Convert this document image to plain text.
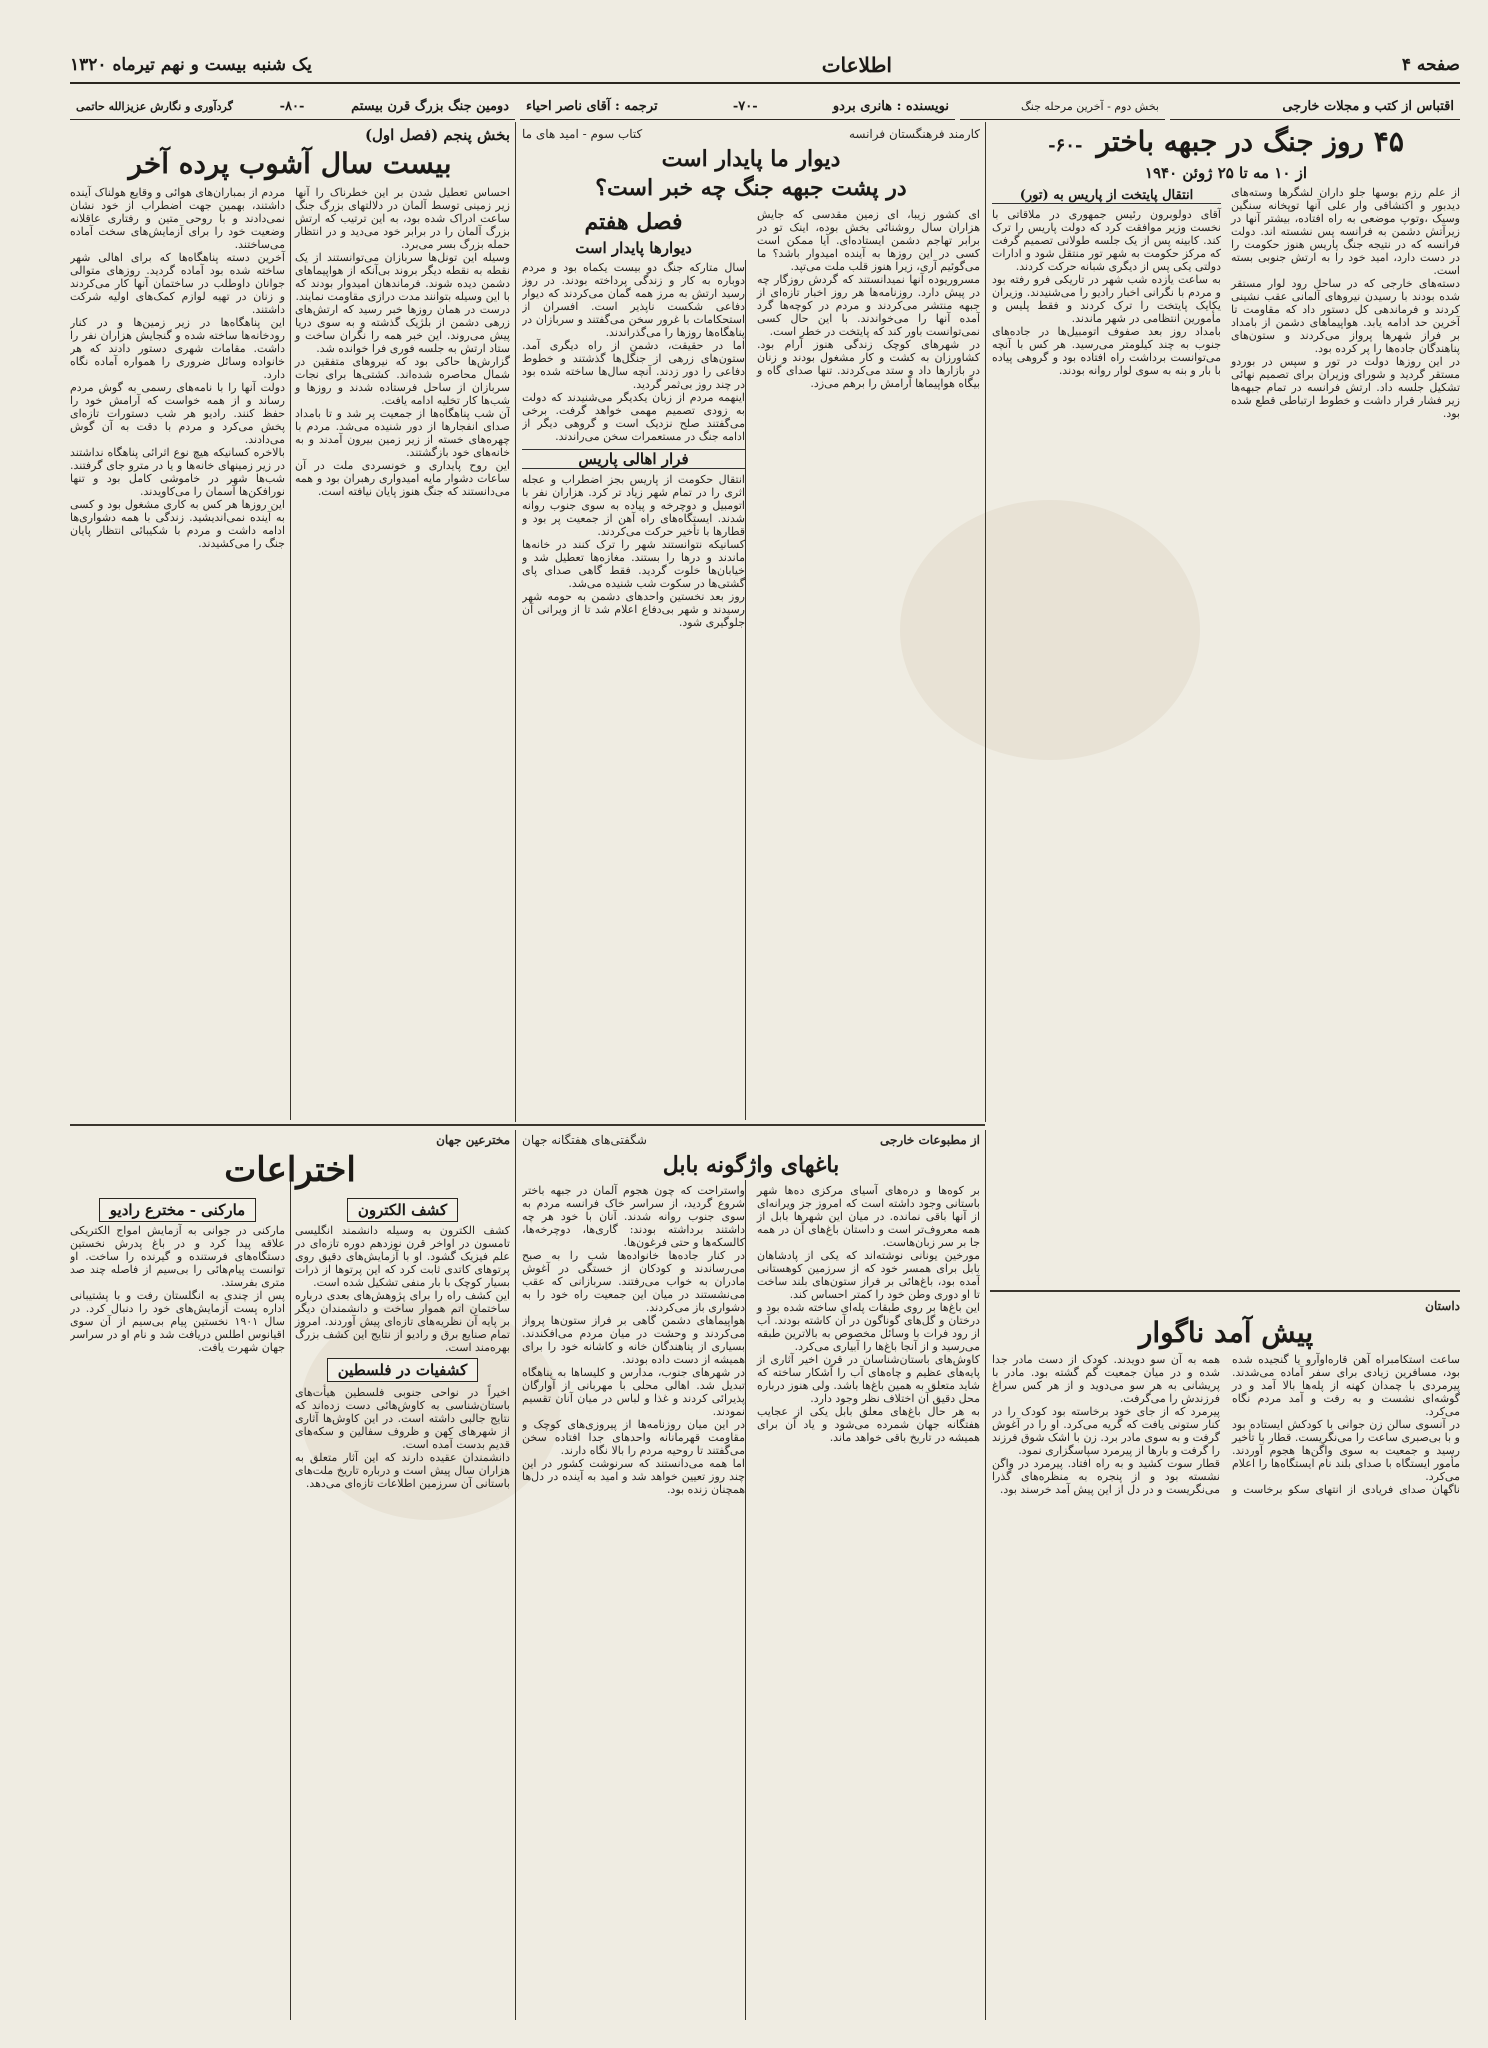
صفحه ۴
اطلاعات
یک شنبه بیست و نهم تیرماه ۱۳۲۰
اقتباس از کتب و مجلات خارجی
بخش دوم - آخرین مرحله جنگ
نویسنده : هانری بردو
-۷۰-
ترجمه : آقای ناصر احیاء
دومین جنگ بزرگ قرن بیستم
-۸۰-
گردآوری و نگارش عزیزالله حاتمی
۴۵ روز جنگ در جبهه باختر
-۶۰-
از ۱۰ مه تا ۲۵ ژوئن ۱۹۴۰
از علم رزم بوسها جلو داران لشگرها وسته‌های دیدبور و اکتشافی وار علی آنها توپخانه سنگین وسیک ،وتوپ موضعی به راه افتاده، بیشتر آنها در زیرآتش دشمن به فرانسه پس نشسته اند. دولت فرانسه که در نتیجه جنگ پاریس هنوز حکومت را در دست دارد، امید خود را به ارتش جنوبی بسته است.
دسته‌های خارجی که در ساحل رود لوار مستقر شده بودند با رسیدن نیروهای آلمانی عقب نشینی کردند و فرماندهی کل دستور داد که مقاومت تا آخرین حد ادامه یابد. هواپیماهای دشمن از بامداد بر فراز شهرها پرواز می‌کردند و ستون‌های پناهندگان جاده‌ها را پر کرده بود.
در این روزها دولت در تور و سپس در بوردو مستقر گردید و شورای وزیران برای تصمیم نهائی تشکیل جلسه داد. ارتش فرانسه در تمام جبهه‌ها زیر فشار قرار داشت و خطوط ارتباطی قطع شده بود.
انتقال پایتخت از پاریس به (تور)
آقای دولوبرون رئیس جمهوری در ملاقاتی با نخست وزیر موافقت کرد که دولت پاریس را ترک کند. کابینه پس از یک جلسه طولانی تصمیم گرفت که مرکز حکومت به شهر تور منتقل شود و ادارات دولتی یکی پس از دیگری شبانه حرکت کردند.
به ساعت یازده شب شهر در تاریکی فرو رفته بود و مردم با نگرانی اخبار رادیو را می‌شنیدند. وزیران یکایک پایتخت را ترک کردند و فقط پلیس و مأمورین انتظامی در شهر ماندند.
بامداد روز بعد صفوف اتومبیل‌ها در جاده‌های جنوب به چند کیلومتر می‌رسید. هر کس با آنچه می‌توانست برداشت راه افتاده بود و گروهی پیاده با بار و بنه به سوی لوار روانه بودند.
داستان
پیش آمد ناگوار
ساعت استکامبراه آهن قاره‌اوآرو یا گنجیده شده بود، مسافرین زیادی برای سفر آماده می‌شدند. پیرمردی با چمدان کهنه از پله‌ها بالا آمد و در گوشه‌ای نشست و به رفت و آمد مردم نگاه می‌کرد.
در آنسوی سالن زن جوانی با کودکش ایستاده بود و با بی‌صبری ساعت را می‌نگریست. قطار با تأخیر رسید و جمعیت به سوی واگن‌ها هجوم آوردند. مأمور ایستگاه با صدای بلند نام ایستگاه‌ها را اعلام می‌کرد.
ناگهان صدای فریادی از انتهای سکو برخاست و همه به آن سو دویدند. کودک از دست مادر جدا شده و در میان جمعیت گم گشته بود. مادر با پریشانی به هر سو می‌دوید و از هر کس سراغ فرزندش را می‌گرفت.
پیرمرد که از جای خود برخاسته بود کودک را در کنار ستونی یافت که گریه می‌کرد. او را در آغوش گرفت و به سوی مادر برد. زن با اشک شوق فرزند را گرفت و بارها از پیرمرد سپاسگزاری نمود.
قطار سوت کشید و به راه افتاد. پیرمرد در واگن نشسته بود و از پنجره به منظره‌های گذرا می‌نگریست و در دل از این پیش آمد خرسند بود.
کارمند فرهنگستان فرانسه
کتاب سوم - امید های ما
دیوار ما پایدار است
در پشت جبهه جنگ چه خبر است؟
ای کشور زیبا، ای زمین مقدسی که جایش هزاران سال روشنائی بخش بوده، اینک تو در برابر تهاجم دشمن ایستاده‌ای. آیا ممکن است کسی در این روزها به آینده امیدوار باشد؟ ما می‌گوئیم آری، زیرا هنوز قلب ملت می‌تپد.
مسروریوده آنها نمیدانستند که گردش روزگار چه در پیش دارد. روزنامه‌ها هر روز اخبار تازه‌ای از جبهه منتشر می‌کردند و مردم در کوچه‌ها گرد آمده آنها را می‌خواندند. با این حال کسی نمی‌توانست باور کند که پایتخت در خطر است.
در شهرهای کوچک زندگی هنوز آرام بود. کشاورزان به کشت و کار مشغول بودند و زنان در بازارها داد و ستد می‌کردند. تنها صدای گاه و بیگاه هواپیماها آرامش را برهم می‌زد.
فصل هفتم
دیوارها پایدار است
سال متارکه جنگ دو بیست یکماه بود و مردم دوباره به کار و زندگی پرداخته بودند. در روز رسید ارتش به مرز همه گمان می‌کردند که دیوار دفاعی شکست ناپذیر است. افسران از استحکامات با غرور سخن می‌گفتند و سربازان در پناهگاه‌ها روزها را می‌گذراندند.
اما در حقیقت، دشمن از راه دیگری آمد. ستون‌های زرهی از جنگل‌ها گذشتند و خطوط دفاعی را دور زدند. آنچه سال‌ها ساخته شده بود در چند روز بی‌ثمر گردید.
اینهمه مردم از زبان یکدیگر می‌شنیدند که دولت به زودی تصمیم مهمی خواهد گرفت. برخی می‌گفتند صلح نزدیک است و گروهی دیگر از ادامه جنگ در مستعمرات سخن می‌راندند.
فرار اهالی پاریس
انتقال حکومت از پاریس بجز اضطراب و عجله اثری را در تمام شهر زیاد تر کرد. هزاران نفر با اتومبیل و دوچرخه و پیاده به سوی جنوب روانه شدند. ایستگاه‌های راه آهن از جمعیت پر بود و قطارها با تأخیر حرکت می‌کردند.
کسانیکه نتوانستند شهر را ترک کنند در خانه‌ها ماندند و درها را بستند. مغازه‌ها تعطیل شد و خیابان‌ها خلوت گردید. فقط گاهی صدای پای گشتی‌ها در سکوت شب شنیده می‌شد.
روز بعد نخستین واحدهای دشمن به حومه شهر رسیدند و شهر بی‌دفاع اعلام شد تا از ویرانی آن جلوگیری شود.
بخش پنجم (فصل اول)
بیست سال آشوب پرده آخر
احساس تعطیل شدن بر این خطرناک را آنها زیر زمینی توسط آلمان در دلالتهای بزرگ جنگ ساعت ادراک شده بود، به این ترتیب که ارتش بزرگ آلمان را در برابر خود می‌دید و در انتظار حمله بزرگ بسر می‌برد.
وسیله این تونل‌ها سربازان می‌توانستند از یک نقطه به نقطه دیگر بروند بی‌آنکه از هواپیماهای دشمن دیده شوند. فرماندهان امیدوار بودند که با این وسیله بتوانند مدت درازی مقاومت نمایند.
درست در همان روزها خبر رسید که ارتش‌های زرهی دشمن از بلژیک گذشته و به سوی دریا پیش می‌روند. این خبر همه را نگران ساخت و ستاد ارتش به جلسه فوری فرا خوانده شد.
گزارش‌ها حاکی بود که نیروهای متفقین در شمال محاصره شده‌اند. کشتی‌ها برای نجات سربازان از ساحل فرستاده شدند و روزها و شب‌ها کار تخلیه ادامه یافت.
آن شب پناهگاه‌ها از جمعیت پر شد و تا بامداد صدای انفجارها از دور شنیده می‌شد. مردم با چهره‌های خسته از زیر زمین بیرون آمدند و به خانه‌های خود بازگشتند.
این روح پایداری و خونسردی ملت در آن ساعات دشوار مایه امیدواری رهبران بود و همه می‌دانستند که جنگ هنوز پایان نیافته است.
مردم از بمباران‌های هوائی و وقایع هولناک آینده داشتند، بهمین جهت اضطراب از خود نشان نمی‌دادند و با روحی متین و رفتاری عاقلانه وضعیت خود را برای آزمایش‌های سخت آماده می‌ساختند.
آخرین دسته پناهگاه‌ها که برای اهالی شهر ساخته شده بود آماده گردید. روزهای متوالی جوانان داوطلب در ساختمان آنها کار می‌کردند و زنان در تهیه لوازم کمک‌های اولیه شرکت داشتند.
این پناهگاه‌ها در زیر زمین‌ها و در کنار رودخانه‌ها ساخته شده و گنجایش هزاران نفر را داشت. مقامات شهری دستور دادند که هر خانواده وسائل ضروری را همواره آماده نگاه دارد.
دولت آنها را با نامه‌های رسمی به گوش مردم رساند و از همه خواست که آرامش خود را حفظ کنند. رادیو هر شب دستورات تازه‌ای پخش می‌کرد و مردم با دقت به آن گوش می‌دادند.
بالاخره کسانیکه هیچ نوع اثرائی پناهگاه نداشتند در زیر زمینهای خانه‌ها و یا در مترو جای گرفتند. شب‌ها شهر در خاموشی کامل بود و تنها نورافکن‌ها آسمان را می‌کاویدند.
این روزها هر کس به کاری مشغول بود و کسی به آینده نمی‌اندیشید. زندگی با همه دشواری‌ها ادامه داشت و مردم با شکیبائی انتظار پایان جنگ را می‌کشیدند.
از مطبوعات خارجی
شگفتی‌های هفتگانه جهان
باغهای واژگونه بابل
بر کوه‌ها و دره‌های آسیای مرکزی ده‌ها شهر باستانی وجود داشته است که امروز جز ویرانه‌ای از آنها باقی نمانده. در میان این شهرها بابل از همه معروف‌تر است و داستان باغ‌های آن در همه جا بر سر زبان‌هاست.
مورخین یونانی نوشته‌اند که یکی از پادشاهان بابل برای همسر خود که از سرزمین کوهستانی آمده بود، باغ‌هائی بر فراز ستون‌های بلند ساخت تا او دوری وطن خود را کمتر احساس کند.
این باغ‌ها بر روی طبقات پله‌ای ساخته شده بود و درختان و گل‌های گوناگون در آن کاشته بودند. آب از رود فرات با وسائل مخصوص به بالاترین طبقه می‌رسید و از آنجا باغ‌ها را آبیاری می‌کرد.
کاوش‌های باستان‌شناسان در قرن اخیر آثاری از پایه‌های عظیم و چاه‌های آب را آشکار ساخته که شاید متعلق به همین باغ‌ها باشد. ولی هنوز درباره محل دقیق آن اختلاف نظر وجود دارد.
به هر حال باغ‌های معلق بابل یکی از عجایب هفتگانه جهان شمرده می‌شود و یاد آن برای همیشه در تاریخ باقی خواهد ماند.
واستراحت که چون هجوم آلمان در جبهه باختر شروع گردید، از سراسر خاک فرانسه مردم به سوی جنوب روانه شدند. آنان با خود هر چه داشتند برداشته بودند: گاری‌ها، دوچرخه‌ها، کالسکه‌ها و حتی فرغون‌ها.
در کنار جاده‌ها خانواده‌ها شب را به صبح می‌رساندند و کودکان از خستگی در آغوش مادران به خواب می‌رفتند. سربازانی که عقب می‌نشستند در میان این جمعیت راه خود را به دشواری باز می‌کردند.
هواپیماهای دشمن گاهی بر فراز ستون‌ها پرواز می‌کردند و وحشت در میان مردم می‌افکندند. بسیاری از پناهندگان خانه و کاشانه خود را برای همیشه از دست داده بودند.
در شهرهای جنوب، مدارس و کلیساها به پناهگاه تبدیل شد. اهالی محلی با مهربانی از آوارگان پذیرائی کردند و غذا و لباس در میان آنان تقسیم نمودند.
در این میان روزنامه‌ها از پیروزی‌های کوچک و مقاومت قهرمانانه واحدهای جدا افتاده سخن می‌گفتند تا روحیه مردم را بالا نگاه دارند.
اما همه می‌دانستند که سرنوشت کشور در این چند روز تعیین خواهد شد و امید به آینده در دل‌ها همچنان زنده بود.
مخترعین جهان
اختراعات
کشف الکترون
کشف الکترون به وسیله دانشمند انگلیسی تامسون در اواخر قرن نوزدهم دوره تازه‌ای در علم فیزیک گشود. او با آزمایش‌های دقیق روی پرتوهای کاتدی ثابت کرد که این پرتوها از ذرات بسیار کوچک با بار منفی تشکیل شده است.
این کشف راه را برای پژوهش‌های بعدی درباره ساختمان اتم هموار ساخت و دانشمندان دیگر بر پایه آن نظریه‌های تازه‌ای پیش آوردند. امروز تمام صنایع برق و رادیو از نتایج این کشف بزرگ بهره‌مند است.
کشفیات در فلسطین
اخیراً در نواحی جنوبی فلسطین هیأت‌های باستان‌شناسی به کاوش‌هائی دست زده‌اند که نتایج جالبی داشته است. در این کاوش‌ها آثاری از شهرهای کهن و ظروف سفالین و سکه‌های قدیم بدست آمده است.
دانشمندان عقیده دارند که این آثار متعلق به هزاران سال پیش است و درباره تاریخ ملت‌های باستانی آن سرزمین اطلاعات تازه‌ای می‌دهد.
مارکنی - مخترع رادیو
مارکنی در جوانی به آزمایش امواج الکتریکی علاقه پیدا کرد و در باغ پدرش نخستین دستگاه‌های فرستنده و گیرنده را ساخت. او توانست پیام‌هائی را بی‌سیم از فاصله چند صد متری بفرستد.
پس از چندی به انگلستان رفت و با پشتیبانی اداره پست آزمایش‌های خود را دنبال کرد. در سال ۱۹۰۱ نخستین پیام بی‌سیم از آن سوی اقیانوس اطلس دریافت شد و نام او در سراسر جهان شهرت یافت.
